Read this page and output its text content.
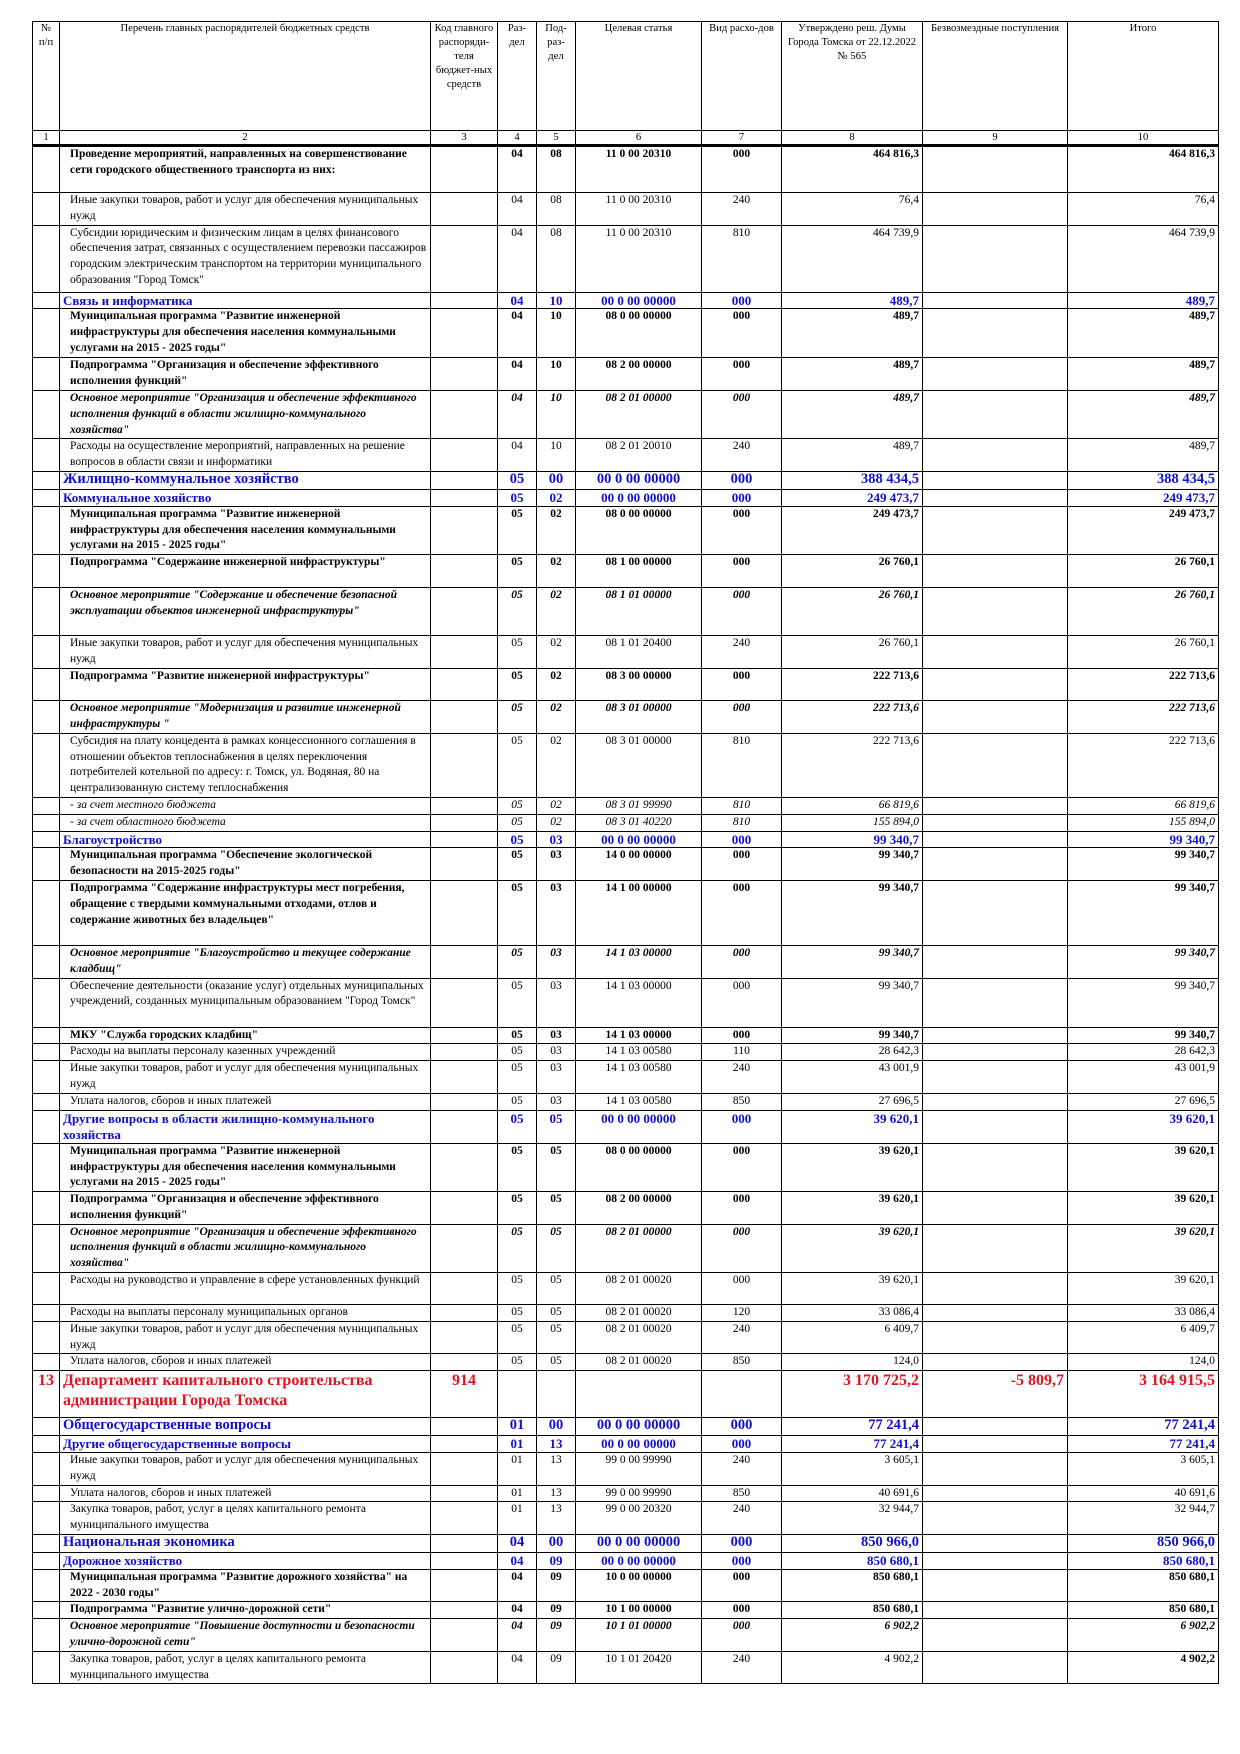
№ п/п	Перечень главных распорядителей бюджетных средств	Код главного распоряди-теля бюджет-ных средств	Раз-дел	Под-раз-дел	Целевая статья	Вид расхо-дов	Утверждено реш. Думы Города Томска от 22.12.2022 № 565	Безвозмездные поступления	Итого
1	2	3	4	5	6	7	8	9	10
	Проведение мероприятий, направленных на совершенствование сети городского общественного транспорта из них:		04	08	11 0 00 20310	000	464 816,3		464 816,3
	Иные закупки товаров, работ и услуг для обеспечения муниципальных нужд		04	08	11 0 00 20310	240	76,4		76,4
	Субсидии юридическим и физическим лицам в целях финансового обеспечения затрат, связанных с осуществлением перевозки пассажиров городским электрическим транспортом на территории муниципального образования "Город Томск"		04	08	11 0 00 20310	810	464 739,9		464 739,9
	Связь и информатика		04	10	00 0 00 00000	000	489,7		489,7
	Муниципальная программа "Развитие инженерной инфраструктуры для обеспечения населения коммунальными услугами на 2015 - 2025 годы"		04	10	08 0 00 00000	000	489,7		489,7
	Подпрограмма "Организация и обеспечение эффективного исполнения функций"		04	10	08 2 00 00000	000	489,7		489,7
	Основное мероприятие "Организация и обеспечение эффективного исполнения функций в области жилищно-коммунального хозяйства"		04	10	08 2 01 00000	000	489,7		489,7
	Расходы на осуществление мероприятий, направленных на решение вопросов в области связи и информатики		04	10	08 2 01 20010	240	489,7		489,7
	Жилищно-коммунальное хозяйство		05	00	00 0 00 00000	000	388 434,5		388 434,5
	Коммунальное хозяйство		05	02	00 0 00 00000	000	249 473,7		249 473,7
	Муниципальная программа "Развитие инженерной инфраструктуры для обеспечения населения коммунальными услугами на 2015 - 2025 годы"		05	02	08 0 00 00000	000	249 473,7		249 473,7
	Подпрограмма "Содержание инженерной инфраструктуры"		05	02	08 1 00 00000	000	26 760,1		26 760,1
	Основное мероприятие "Содержание и обеспечение безопасной эксплуатации объектов инженерной инфраструктуры"		05	02	08 1 01 00000	000	26 760,1		26 760,1
	Иные закупки товаров, работ и услуг для обеспечения муниципальных нужд		05	02	08 1 01 20400	240	26 760,1		26 760,1
	Подпрограмма "Развитие инженерной инфраструктуры"		05	02	08 3 00 00000	000	222 713,6		222 713,6
	Основное мероприятие "Модернизация и развитие инженерной инфраструктуры "		05	02	08 3 01 00000	000	222 713,6		222 713,6
	Субсидия на плату концедента в рамках концессионного соглашения в отношении объектов теплоснабжения в целях переключения потребителей котельной по адресу: г. Томск, ул. Водяная, 80 на централизованную систему теплоснабжения		05	02	08 3 01 00000	810	222 713,6		222 713,6
	- за счет местного бюджета		05	02	08 3 01 99990	810	66 819,6		66 819,6
	- за счет областного бюджета		05	02	08 3 01 40220	810	155 894,0		155 894,0
	Благоустройство		05	03	00 0 00 00000	000	99 340,7		99 340,7
	Муниципальная программа "Обеспечение экологической безопасности на 2015-2025 годы"		05	03	14 0 00 00000	000	99 340,7		99 340,7
	Подпрограмма "Содержание инфраструктуры мест погребения, обращение с твердыми коммунальными отходами, отлов и содержание животных без владельцев"		05	03	14 1 00 00000	000	99 340,7		99 340,7
	Основное мероприятие "Благоустройство и текущее содержание кладбищ"		05	03	14 1 03 00000	000	99 340,7		99 340,7
	Обеспечение деятельности (оказание услуг) отдельных муниципальных учреждений, созданных муниципальным образованием "Город Томск"		05	03	14 1 03 00000	000	99 340,7		99 340,7
	МКУ "Служба городских кладбищ"		05	03	14 1 03 00000	000	99 340,7		99 340,7
	Расходы на выплаты персоналу казенных учреждений		05	03	14 1 03 00580	110	28 642,3		28 642,3
	Иные закупки товаров, работ и услуг для обеспечения муниципальных нужд		05	03	14 1 03 00580	240	43 001,9		43 001,9
	Уплата налогов, сборов и иных платежей		05	03	14 1 03 00580	850	27 696,5		27 696,5
	Другие вопросы в области жилищно-коммунального хозяйства		05	05	00 0 00 00000	000	39 620,1		39 620,1
	Муниципальная программа "Развитие инженерной инфраструктуры для обеспечения населения коммунальными услугами на 2015 - 2025 годы"		05	05	08 0 00 00000	000	39 620,1		39 620,1
	Подпрограмма "Организация и обеспечение эффективного исполнения функций"		05	05	08 2 00 00000	000	39 620,1		39 620,1
	Основное мероприятие "Организация и обеспечение эффективного исполнения функций в области жилищно-коммунального хозяйства"		05	05	08 2 01 00000	000	39 620,1		39 620,1
	Расходы на руководство и управление в сфере установленных функций		05	05	08 2 01 00020	000	39 620,1		39 620,1
	Расходы на выплаты персоналу муниципальных органов		05	05	08 2 01 00020	120	33 086,4		33 086,4
	Иные закупки товаров, работ и услуг для обеспечения муниципальных нужд		05	05	08 2 01 00020	240	6 409,7		6 409,7
	Уплата налогов, сборов и иных платежей		05	05	08 2 01 00020	850	124,0		124,0
13	Департамент капитального строительства администрации Города Томска	914					3 170 725,2	-5 809,7	3 164 915,5
	Общегосударственные вопросы		01	00	00 0 00 00000	000	77 241,4		77 241,4
	Другие общегосударственные вопросы		01	13	00 0 00 00000	000	77 241,4		77 241,4
	Иные закупки товаров, работ и услуг для обеспечения муниципальных нужд		01	13	99 0 00 99990	240	3 605,1		3 605,1
	Уплата налогов, сборов и иных платежей		01	13	99 0 00 99990	850	40 691,6		40 691,6
	Закупка товаров, работ, услуг в целях капитального ремонта муниципального имущества		01	13	99 0 00 20320	240	32 944,7		32 944,7
	Национальная экономика		04	00	00 0 00 00000	000	850 966,0		850 966,0
	Дорожное хозяйство		04	09	00 0 00 00000	000	850 680,1		850 680,1
	Муниципальная программа "Развитие дорожного хозяйства" на 2022 - 2030 годы"		04	09	10 0 00 00000	000	850 680,1		850 680,1
	Подпрограмма "Развитие улично-дорожной сети"		04	09	10 1 00 00000	000	850 680,1		850 680,1
	Основное мероприятие "Повышение доступности и безопасности улично-дорожной сети"		04	09	10 1 01 00000	000	6 902,2		6 902,2
	Закупка товаров, работ, услуг в целях капитального ремонта муниципального имущества		04	09	10 1 01 20420	240	4 902,2		4 902,2
